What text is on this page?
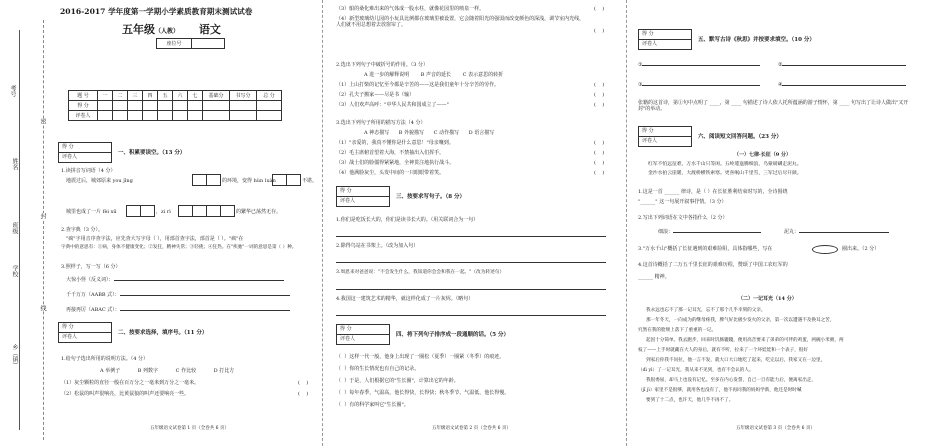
考号
姓名
班级
学校
乡（镇）
密
封
线
2016-2017 学年度第一学期小学素质教育期末测试试卷
五年级（人教） 语文
座位号	
题 号	一	二	三	四	五	六	七	基础分	书写分	总 分
得 分										
评卷人										
得 分
评卷人
一、积累要读空。（13 分）
1.读拼音写词语（4 分）
地震过后，城郊原来 you jīng	的环境，变得 hùn luàn	不堪。
城里也成了一片 fèi xū	，zi rì	的繁华已荡然无存。
2.查字典（3 分）。
"疯"字用音序查字法，应先查大写字母（ ），用部首查字法，部首是（ ）。"疯"在
字典中的意思有：①病，身体不健康变化；②发狂，精神失常；③轻佻；④狂热。在"疾驰"一词的意思是第（ ）种。
3.照样子，写一写（6 分）
大惊小怪（反义词）：
千千万万（AABB 式）：
再接再厉（ABAC 式）：
得 分
评卷人
二、按要求选择，填序号。（11 分）
1.给句子选出所用的说明方法。（4 分）
A 举例子	B 列数字	C 作比较	D 打比方
（1）灰尘颗粒的直径一般在百万分之一毫米到万分之一毫米。	(    )
（2）松鼠的叫声很响亮，比黄鼠狼的叫声还要响亮一些。	(    )
五年级语文试卷第 1 页（全卷共 6 页）
（3）船的桑化难出来的气体成一股水柱，就像花园里的喷泉一样。	(    )
（4）新型玻璃幼儿园的小玩具比例都在玻璃里被设置，它会随着阳光的强弱而改变颜色的深浅，调节室内光线，人们就不用总想着去放窗帘了。
(    )
2.选出下列句子中破折号的作用。（3 分）
A 进一步的解释说明 B 声音的延长 C 表示意思的转折
（1）上山打柴的记忆至今都是辛苦的——这是我们童年十分辛苦的劳作。	(    )
（2）孔夫子搬家——尽是书（输）	(    )
（3）人们欢声高呼："中华人民共和国成立了——"	(    )
3.选出下列句子所用的描写方法（4 分）
A 神态描写 B 外貌描写 C 动作描写 D 语言描写
（1）"亲爱的，我真不懂你是什么意思！"母亲嚷到。	(    )
（2）毛主席俯首望着大海，不禁抽出入们挥手。	(    )
（3）战士们的脸僵得紧紧地，全神贯注地执行战斗。	(    )
（4）他满脸灰尘，头发中间的一只眼眼带着笑。	(    )
得 分
评卷人
三、按要求写句子。（8 分）
1.你们是吃饭长大的，你们是读书长大的。（用关联词合为一句）
2.除得鸟站在书架上。（改为加入句）
3.周恩来对爸爸说："不会发生什么，我知道你会会和我在一起。"（改为转述句）
4.我国这一建筑艺术的精华，就这样化成了一片灰烬。（略句）
得 分
评卷人
四、将下列句子排序成一段通顺的话。（5 分）
（  ）这样一代一般，他身上出现了一圈松（夏季）一圈紧（冬季）的痕迹。
（  ）你的生长情况也有自己的记录。
（  ）于是，人们根据它的"生长圈"，计算出它的年龄。
（  ）每年春季，气温高，他长得快，长得快；秋冬季节，气温低，他长得慢。
（  ）有的科学家叫它"生长圈"。
五年级语文试卷第 2 页（全卷共 6 页）
得 分
评卷人
五、默写古诗《秋思》并按要求填空。（10 分）
①	②
③	④
张籍的这首诗，第①句中点明了 ____，第 ____ 句描述了诗人依人托所蕴涵的游子情怀，第 ____ 句写出了让诗人做出"又开封"的举动。
得 分
评卷人
六、阅读短文回答问题。（23 分）
（一）七律·长征（9 分）
红军不怕远征难，万水千山只等闲。五岭逶迤腾细浪，乌蒙磅礴走泥丸。
金沙水拍云崖暖，大渡桥横铁索寒。更喜岷山千里雪，三军过后尽开颜。
1.这是一首 ______ 律诗，是（ ）在长征胜利结束时写的，全诗围绕
"______" 这一句展开叙事抒情。（3 分）
2.写出下列词语在文中各指什么（2 分）
细浪：	泥丸：
3."万水千山"概括了长征遇到的艰难险阻，具体指哪些，写在	圈出来。（2 分）
4.这首诗概括了二万五千里长征的艰难历程，赞颂了中国工农红军的
______ 精神。
（二）一记耳光（14 分）
我永远也忘不了那一记耳光，忘不了那个几乎幸刻的父亲。
那一年冬天，一向成为的继母疼我，脾气好比极少发火的父亲，第一次以遭遇不及换耳之苦，
究然在我的脸颊上落下了重重的一记。
起因十分简单。我去跑步，回来时饥肠辘辘，便用高音要来了弟弟的可伴的鸡蛋，两碗小米粥，两
枝了——上手时就藏在大人的身后，就有不听，拉来了一个坏娃娃和一个表子，很好
到家后你我不问拉，他一言不发，就大口大口地吃了起来，吃完以后，我家又在一边里，
（dì yì）了一记耳光，我从来不见到，也有不会认的人。
我很委屈，却马上也没有记忆。至多在内心发誓，自己一旦有能力后，便离家出走，
（jī jì）家里不是很够，就用各也没有了，他不再同我的妈妈学新，他还是时时喊
要到了十二点，也许天，他几乎不再不了。
五年级语文试卷第 3 页（全卷共 6 页）
